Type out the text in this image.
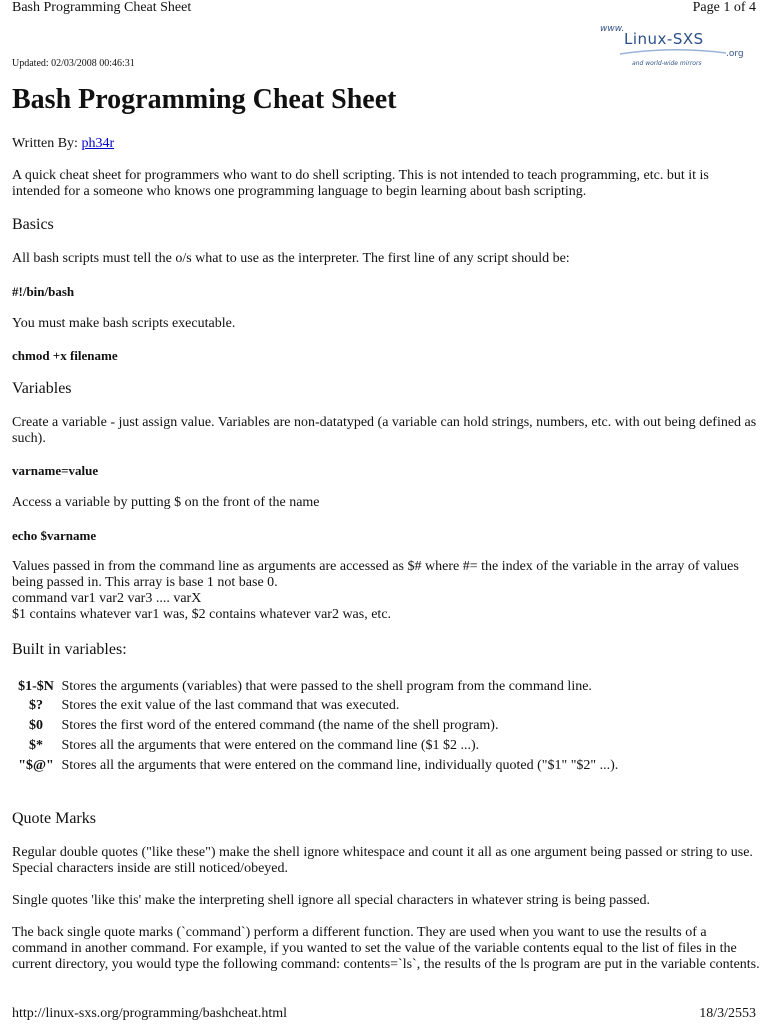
Bash Programming Cheat Sheet	Page 1 of 4
www.
Linux-SXS
.org
and world-wide mirrors
Updated: 02/03/2008 00:46:31
Bash Programming Cheat Sheet
Written By: ph34r

A quick cheat sheet for programmers who want to do shell scripting. This is not intended to teach programming, etc. but it is intended for a someone who knows one programming language to begin learning about bash scripting.

Basics

All bash scripts must tell the o/s what to use as the interpreter. The first line of any script should be:

#!/bin/bash

You must make bash scripts executable.

chmod +x filename
Variables

Create a variable - just assign value. Variables are non-datatyped (a variable can hold strings, numbers, etc. with out being defined as such).

varname=value

Access a variable by putting $ on the front of the name

echo $varname
Values passed in from the command line as arguments are accessed as $# where #= the index of the variable in the array of values being passed in. This array is base 1 not base 0.
command var1 var2 var3 .... varX
$1 contains whatever var1 was, $2 contains whatever var2 was, etc.
Built in variables:
$1-$N Stores the arguments (variables) that were passed to the shell program from the command line.
$? Stores the exit value of the last command that was executed.
$0 Stores the first word of the entered command (the name of the shell program).
$* Stores all the arguments that were entered on the command line ($1 $2 ...).
"$@" Stores all the arguments that were entered on the command line, individually quoted ("$1" "$2" ...).
Quote Marks

Regular double quotes ("like these") make the shell ignore whitespace and count it all as one argument being passed or string to use. Special characters inside are still noticed/obeyed.

Single quotes 'like this' make the interpreting shell ignore all special characters in whatever string is being passed.

The back single quote marks (`command`) perform a different function. They are used when you want to use the results of a command in another command. For example, if you wanted to set the value of the variable contents equal to the list of files in the current directory, you would type the following command: contents=`ls`, the results of the ls program are put in the variable contents.

http://linux-sxs.org/programming/bashcheat.html	18/3/2553
